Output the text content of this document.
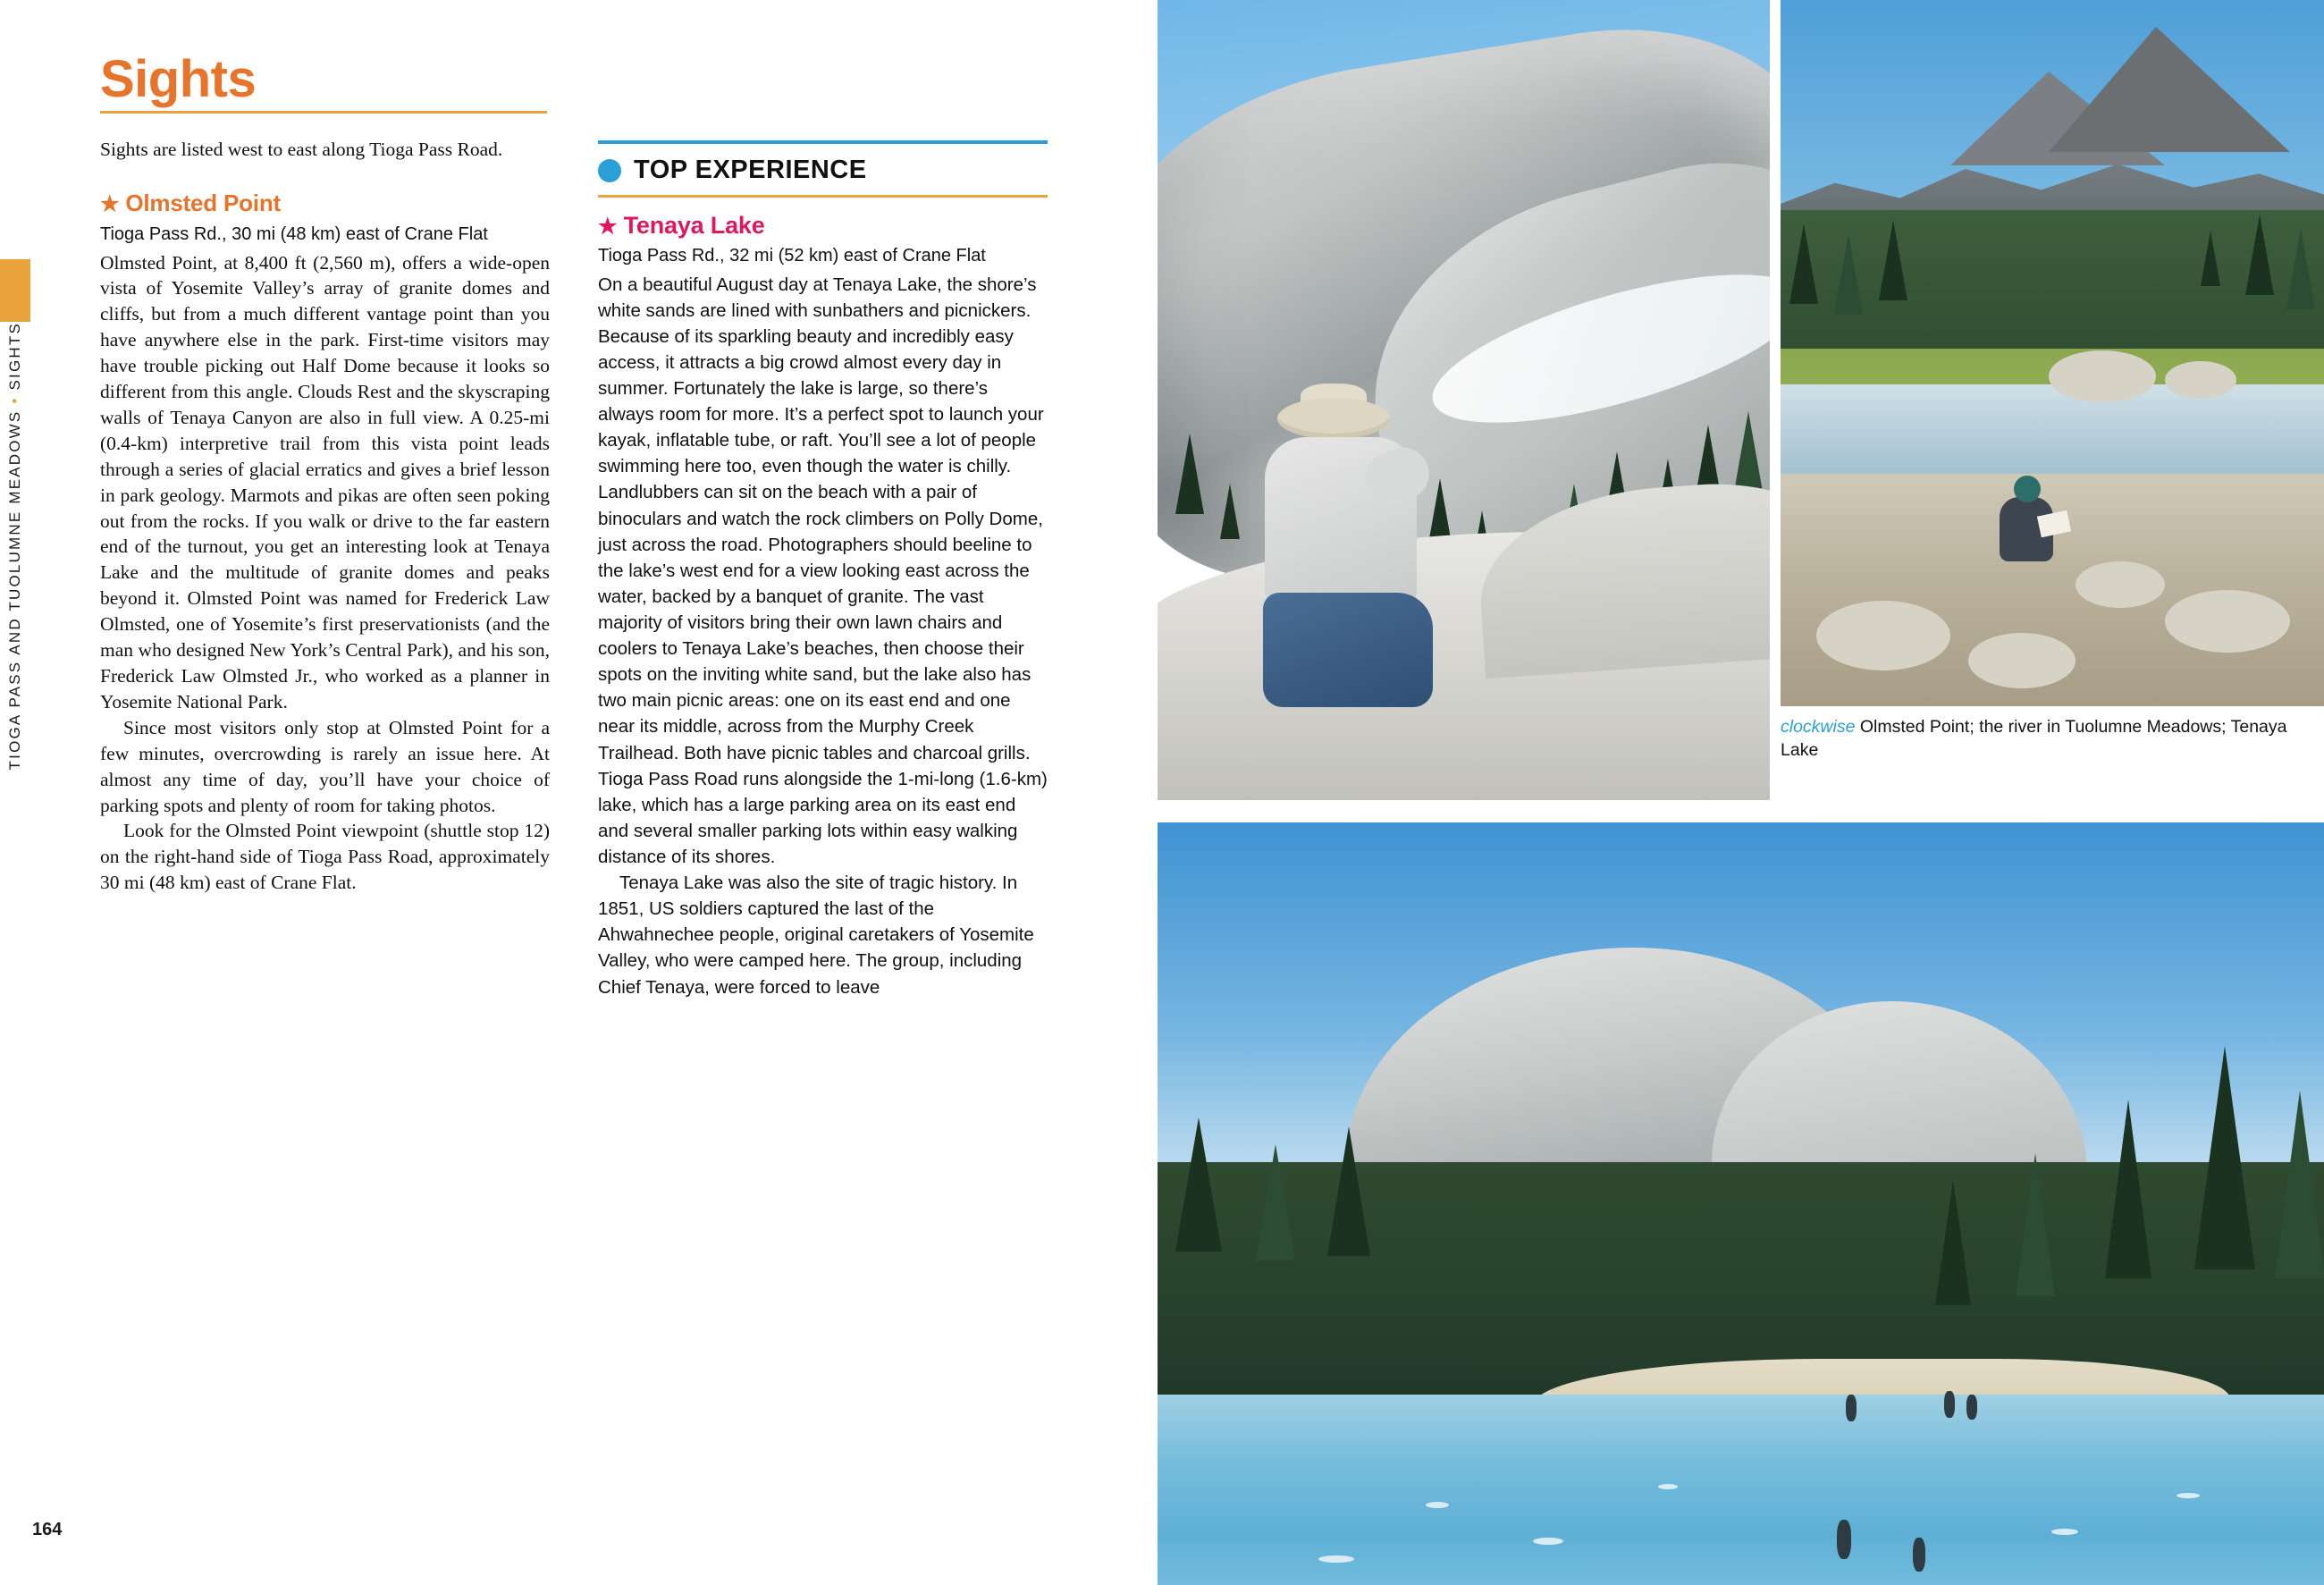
TIOGA PASS AND TUOLUMNE MEADOWS • SIGHTS
164
Sights

Sights are listed west to east along Tioga Pass Road.

★ Olmsted Point
Tioga Pass Rd., 30 mi (48 km) east of Crane Flat

Olmsted Point, at 8,400 ft (2,560 m), offers a wide-open vista of Yosemite Valley’s array of granite domes and cliffs, but from a much different vantage point than you have anywhere else in the park. First-time visitors may have trouble picking out Half Dome because it looks so different from this angle. Clouds Rest and the skyscraping walls of Tenaya Canyon are also in full view. A 0.25-mi (0.4-km) interpretive trail from this vista point leads through a series of glacial erratics and gives a brief lesson in park geology. Marmots and pikas are often seen poking out from the rocks. If you walk or drive to the far eastern end of the turnout, you get an interesting look at Tenaya Lake and the multitude of granite domes and peaks beyond it. Olmsted Point was named for Frederick Law Olmsted, one of Yosemite’s first preservationists (and the man who designed New York’s Central Park), and his son, Frederick Law Olmsted Jr., who worked as a planner in Yosemite National Park.

Since most visitors only stop at Olmsted Point for a few minutes, overcrowding is rarely an issue here. At almost any time of day, you’ll have your choice of parking spots and plenty of room for taking photos.

Look for the Olmsted Point viewpoint (shuttle stop 12) on the right-hand side of Tioga Pass Road, approximately 30 mi (48 km) east of Crane Flat.

TOP EXPERIENCE
★ Tenaya Lake
Tioga Pass Rd., 32 mi (52 km) east of Crane Flat

On a beautiful August day at Tenaya Lake, the shore’s white sands are lined with sunbathers and picnickers. Because of its sparkling beauty and incredibly easy access, it attracts a big crowd almost every day in summer. Fortunately the lake is large, so there’s always room for more. It’s a perfect spot to launch your kayak, inflatable tube, or raft. You’ll see a lot of people swimming here too, even though the water is chilly. Landlubbers can sit on the beach with a pair of binoculars and watch the rock climbers on Polly Dome, just across the road. Photographers should beeline to the lake’s west end for a view looking east across the water, backed by a banquet of granite. The vast majority of visitors bring their own lawn chairs and coolers to Tenaya Lake’s beaches, then choose their spots on the inviting white sand, but the lake also has two main picnic areas: one on its east end and one near its middle, across from the Murphy Creek Trailhead. Both have picnic tables and charcoal grills. Tioga Pass Road runs alongside the 1-mi-long (1.6-km) lake, which has a large parking area on its east end and several smaller parking lots within easy walking distance of its shores.

Tenaya Lake was also the site of tragic history. In 1851, US soldiers captured the last of the Ahwahnechee people, original caretakers of Yosemite Valley, who were camped here. The group, including Chief Tenaya, were forced to leave

clockwise Olmsted Point; the river in Tuolumne Meadows; Tenaya Lake
